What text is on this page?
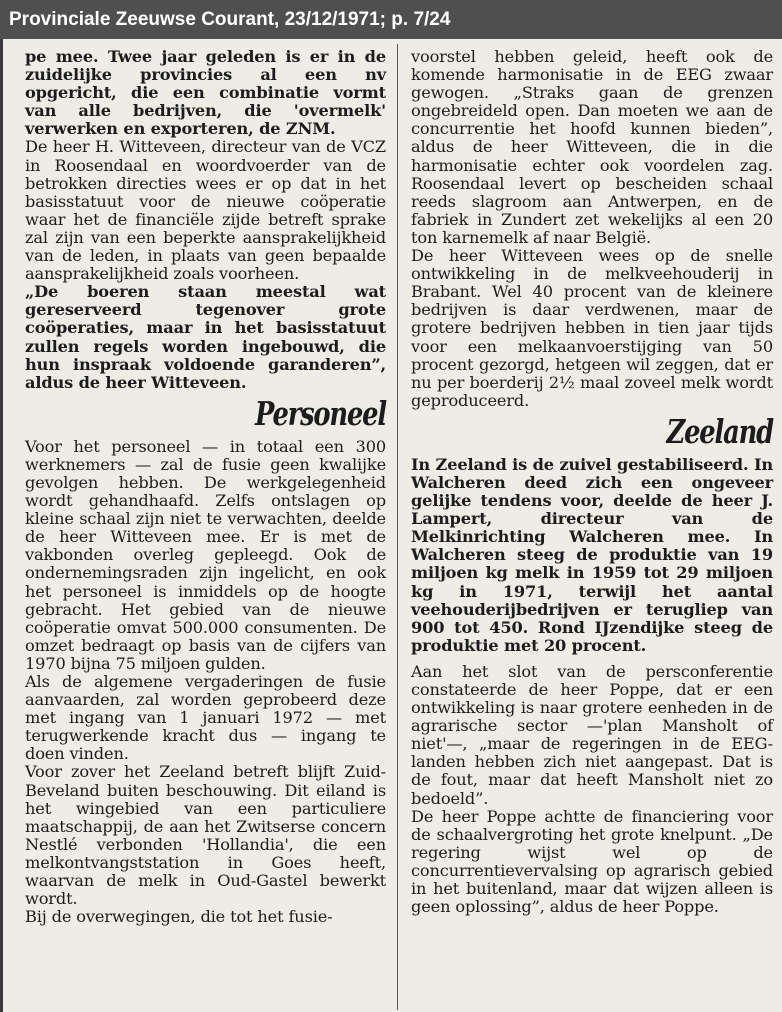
Provinciale Zeeuwse Courant, 23/12/1971; p. 7/24

pe mee. Twee jaar geleden is er in de zuidelijke provincies al een nv opgericht, die een combinatie vormt van alle bedrijven, die 'overmelk' verwerken en exporteren, de ZNM.

De heer H. Witteveen, directeur van de VCZ in Roosendaal en woordvoerder van de betrokken directies wees er op dat in het basisstatuut voor de nieuwe coöperatie waar het de financiële zijde betreft sprake zal zijn van een beperkte aansprakelijkheid van de leden, in plaats van geen bepaalde aansprakelijkheid zoals voorheen.

„De boeren staan meestal wat gereserveerd tegenover grote coöperaties, maar in het basisstatuut zullen regels worden ingebouwd, die hun inspraak voldoende garanderen”, aldus de heer Witteveen.

Personeel

Voor het personeel — in totaal een 300 werknemers — zal de fusie geen kwalijke gevolgen hebben. De werkgelegenheid wordt gehandhaafd. Zelfs ontslagen op kleine schaal zijn niet te verwachten, deelde de heer Witteveen mee. Er is met de vakbonden overleg gepleegd. Ook de ondernemingsraden zijn ingelicht, en ook het personeel is inmiddels op de hoogte gebracht. Het gebied van de nieuwe coöperatie omvat 500.000 consumenten. De omzet bedraagt op basis van de cijfers van 1970 bijna 75 miljoen gulden.

Als de algemene vergaderingen de fusie aanvaarden, zal worden geprobeerd deze met ingang van 1 januari 1972 — met terugwerkende kracht dus — ingang te doen vinden.

Voor zover het Zeeland betreft blijft Zuid-Beveland buiten beschouwing. Dit eiland is het wingebied van een particuliere maatschappij, de aan het Zwitserse concern Nestlé verbonden 'Hollandia', die een melkontvangststation in Goes heeft, waarvan de melk in Oud-Gastel bewerkt wordt.

Bij de overwegingen, die tot het fusie-

voorstel hebben geleid, heeft ook de komende harmonisatie in de EEG zwaar gewogen. „Straks gaan de grenzen ongebreideld open. Dan moeten we aan de concurrentie het hoofd kunnen bieden”, aldus de heer Witteveen, die in die harmonisatie echter ook voordelen zag. Roosendaal levert op bescheiden schaal reeds slagroom aan Antwerpen, en de fabriek in Zundert zet wekelijks al een 20 ton karnemelk af naar België.

De heer Witteveen wees op de snelle ontwikkeling in de melkveehouderij in Brabant. Wel 40 procent van de kleinere bedrijven is daar verdwenen, maar de grotere bedrijven hebben in tien jaar tijds voor een melkaanvoerstijging van 50 procent gezorgd, hetgeen wil zeggen, dat er nu per boerderij 2½ maal zoveel melk wordt geproduceerd.

Zeeland

In Zeeland is de zuivel gestabiliseerd. In Walcheren deed zich een ongeveer gelijke tendens voor, deelde de heer J. Lampert, directeur van de Melkinrichting Walcheren mee. In Walcheren steeg de produktie van 19 miljoen kg melk in 1959 tot 29 miljoen kg in 1971, terwijl het aantal veehouderijbedrijven er terugliep van 900 tot 450. Rond IJzendijke steeg de produktie met 20 procent.

Aan het slot van de persconferentie constateerde de heer Poppe, dat er een ontwikkeling is naar grotere eenheden in de agrarische sector —'plan Mansholt of niet'—, „maar de regeringen in de EEG-landen hebben zich niet aangepast. Dat is de fout, maar dat heeft Mansholt niet zo bedoeld”.

De heer Poppe achtte de financiering voor de schaalvergroting het grote knelpunt. „De regering wijst wel op de concurrentievervalsing op agrarisch gebied in het buitenland, maar dat wijzen alleen is geen oplossing”, aldus de heer Poppe.
